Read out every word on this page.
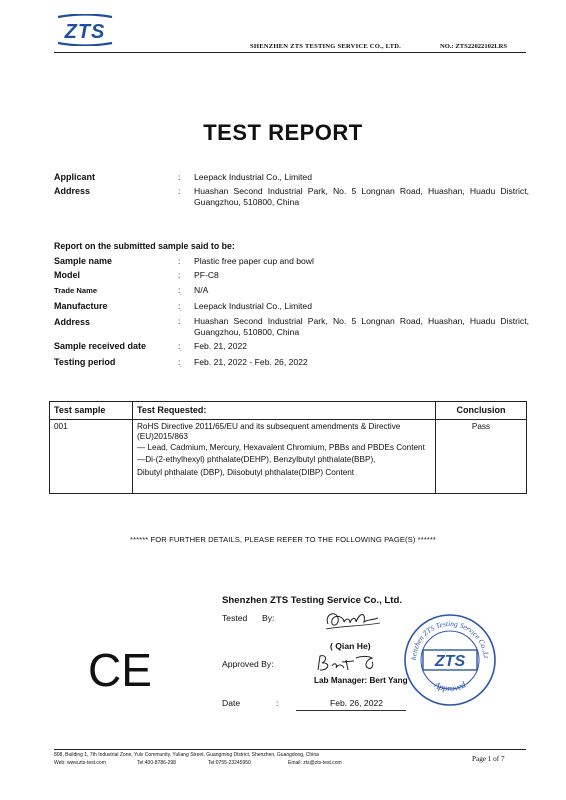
ZTS
SHENZHEN ZTS TESTING SERVICE CO., LTD.	NO.: ZTS22022102LRS
TEST REPORT
Applicant	: Leepack Industrial Co., Limited
Address	: Huashan Second Industrial Park, No. 5 Longnan Road, Huashan, Huadu District, Guangzhou, 510800, China
Report on the submitted sample said to be:
Sample name	: Plastic free paper cup and bowl
Model	: PF-C8
Trade Name	: N/A
Manufacture	: Leepack Industrial Co., Limited
Address	: Huashan Second Industrial Park, No. 5 Longnan Road, Huashan, Huadu District, Guangzhou, 510800, China
Sample received date	: Feb. 21, 2022
Testing period	: Feb. 21, 2022 - Feb. 26, 2022
Test sample	Test Requested:	Conclusion
001	RoHS Directive 2011/65/EU and its subsequent amendments & Directive (EU)2015/863
— Lead, Cadmium, Mercury, Hexavalent Chromium, PBBs and PBDEs Content
—Di-(2-ethylhexyl) phthalate(DEHP), Benzylbutyl phthalate(BBP),
Dibutyl phthalate (DBP), Diisobutyl phthalate(DIBP) Content	Pass
****** FOR FURTHER DETAILS, PLEASE REFER TO THE FOLLOWING PAGE(S) ******
Shenzhen ZTS Testing Service Co., Ltd.
Tested By:
( Qian He)
Approved By:
Lab Manager: Bert Yang
Date	:	Feb. 26, 2022
CE	henzhen ZTS Testing Service Co.,Lt
ZTS
Approved
808, Building 1, 7th Industrial Zone, Yulv Community, Yuliang Street, Guangming District, Shenzhen, Guangdong, China
Web: www.zts-test.com	Tel:400-8786-298	Tel:0755-23245950	Email: zts@zts-test.com	Page 1 of 7
